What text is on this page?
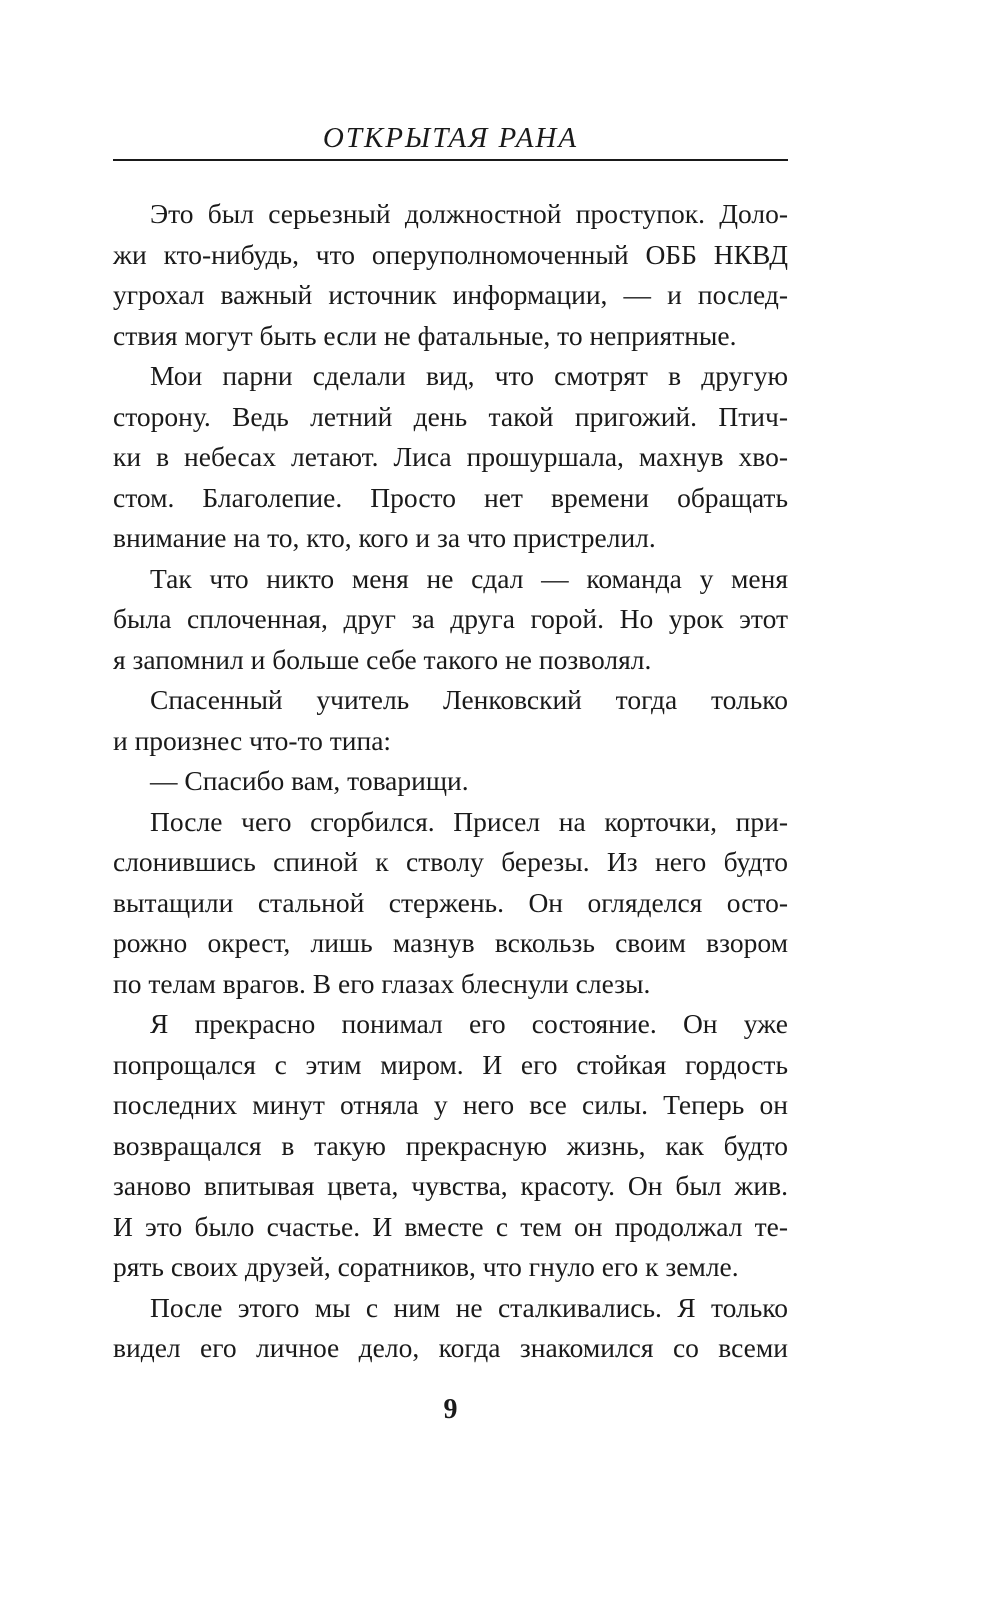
ОТКРЫТАЯ РАНА
Это был серьезный должностной проступок. Доло-
жи кто-нибудь, что оперуполномоченный ОББ НКВД
угрохал важный источник информации, — и послед-
ствия могут быть если не фатальные, то неприятные.
Мои парни сделали вид, что смотрят в другую
сторону. Ведь летний день такой пригожий. Птич-
ки в небесах летают. Лиса прошуршала, махнув хво-
стом. Благолепие. Просто нет времени обращать
внимание на то, кто, кого и за что пристрелил.
Так что никто меня не сдал — команда у меня
была сплоченная, друг за друга горой. Но урок этот
я запомнил и больше себе такого не позволял.
Спасенный учитель Ленковский тогда только
и произнес что-то типа:
— Спасибо вам, товарищи.
После чего сгорбился. Присел на корточки, при-
слонившись спиной к стволу березы. Из него будто
вытащили стальной стержень. Он огляделся осто-
рожно окрест, лишь мазнув вскользь своим взором
по телам врагов. В его глазах блеснули слезы.
Я прекрасно понимал его состояние. Он уже
попрощался с этим миром. И его стойкая гордость
последних минут отняла у него все силы. Теперь он
возвращался в такую прекрасную жизнь, как будто
заново впитывая цвета, чувства, красоту. Он был жив.
И это было счастье. И вместе с тем он продолжал те-
рять своих друзей, соратников, что гнуло его к земле.
После этого мы с ним не сталкивались. Я только
видел его личное дело, когда знакомился со всеми
9
